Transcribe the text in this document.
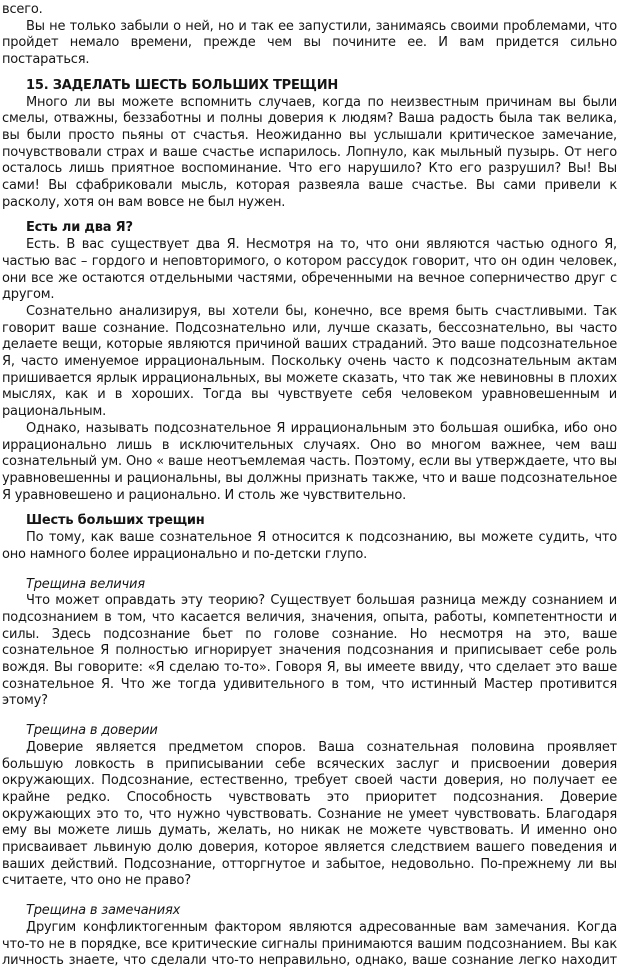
всего.

Вы не только забыли о ней, но и так ее запустили, занимаясь своими проблемами, что пройдет немало времени, прежде чем вы почините ее. И вам придется сильно постараться.

15. ЗАДЕЛАТЬ ШЕСТЬ БОЛЬШИХ ТРЕЩИН

Много ли вы можете вспомнить случаев, когда по неизвестным причинам вы были смелы, отважны, беззаботны и полны доверия к людям? Ваша радость была так велика, вы были просто пьяны от счастья. Неожиданно вы услышали критическое замечание, почувствовали страх и ваше счастье испарилось. Лопнуло, как мыльный пузырь. От него осталось лишь приятное воспоминание. Что его нарушило? Кто его разрушил? Вы! Вы сами! Вы сфабриковали мысль, которая развеяла ваше счастье. Вы сами привели к расколу, хотя он вам вовсе не был нужен.

Есть ли два Я?

Есть. В вас существует два Я. Несмотря на то, что они являются частью одного Я, частью вас – гордого и неповторимого, о котором рассудок говорит, что он один человек, они все же остаются отдельными частями, обреченными на вечное соперничество друг с другом.

Сознательно анализируя, вы хотели бы, конечно, все время быть счастливыми. Так говорит ваше сознание. Подсознательно или, лучше сказать, бессознательно, вы часто делаете вещи, которые являются причиной ваших страданий. Это ваше подсознательное Я, часто именуемое иррациональным. Поскольку очень часто к подсознательным актам пришивается ярлык иррациональных, вы можете сказать, что так же невиновны в плохих мыслях, как и в хороших. Тогда вы чувствуете себя человеком уравновешенным и рациональным.

Однако, называть подсознательное Я иррациональным это большая ошибка, ибо оно иррационально лишь в исключительных случаях. Оно во многом важнее, чем ваш сознательный ум. Оно « ваше неотъемлемая часть. Поэтому, если вы утверждаете, что вы уравновешенны и рациональны, вы должны признать также, что и ваше подсознательное Я уравновешено и рационально. И столь же чувствительно.

Шесть больших трещин

По тому, как ваше сознательное Я относится к подсознанию, вы можете судить, что оно намного более иррационально и по-детски глупо.

Трещина величия

Что может оправдать эту теорию? Существует большая разница между сознанием и подсознанием в том, что касается величия, значения, опыта, работы, компетентности и силы. Здесь подсознание бьет по голове сознание. Но несмотря на это, ваше сознательное Я полностью игнорирует значения подсознания и приписывает себе роль вождя. Вы говорите: «Я сделаю то-то». Говоря Я, вы имеете ввиду, что сделает это ваше сознательное Я. Что же тогда удивительного в том, что истинный Мастер противится этому?

Трещина в доверии

Доверие является предметом споров. Ваша сознательная половина проявляет большую ловкость в приписывании себе всяческих заслуг и присвоении доверия окружающих. Подсознание, естественно, требует своей части доверия, но получает ее крайне редко. Способность чувствовать это приоритет подсознания. Доверие окружающих это то, что нужно чувствовать. Сознание не умеет чувствовать. Благодаря ему вы можете лишь думать, желать, но никак не можете чувствовать. И именно оно присваивает львиную долю доверия, которое является следствием вашего поведения и ваших действий. Подсознание, отторгнутое и забытое, недовольно. По-прежнему ли вы считаете, что оно не право?

Трещина в замечаниях

Другим конфликтогенным фактором являются адресованные вам замечания. Когда что-то не в порядке, все критические сигналы принимаются вашим подсознанием. Вы как личность знаете, что сделали что-то неправильно, однако, ваше сознание легко находит
